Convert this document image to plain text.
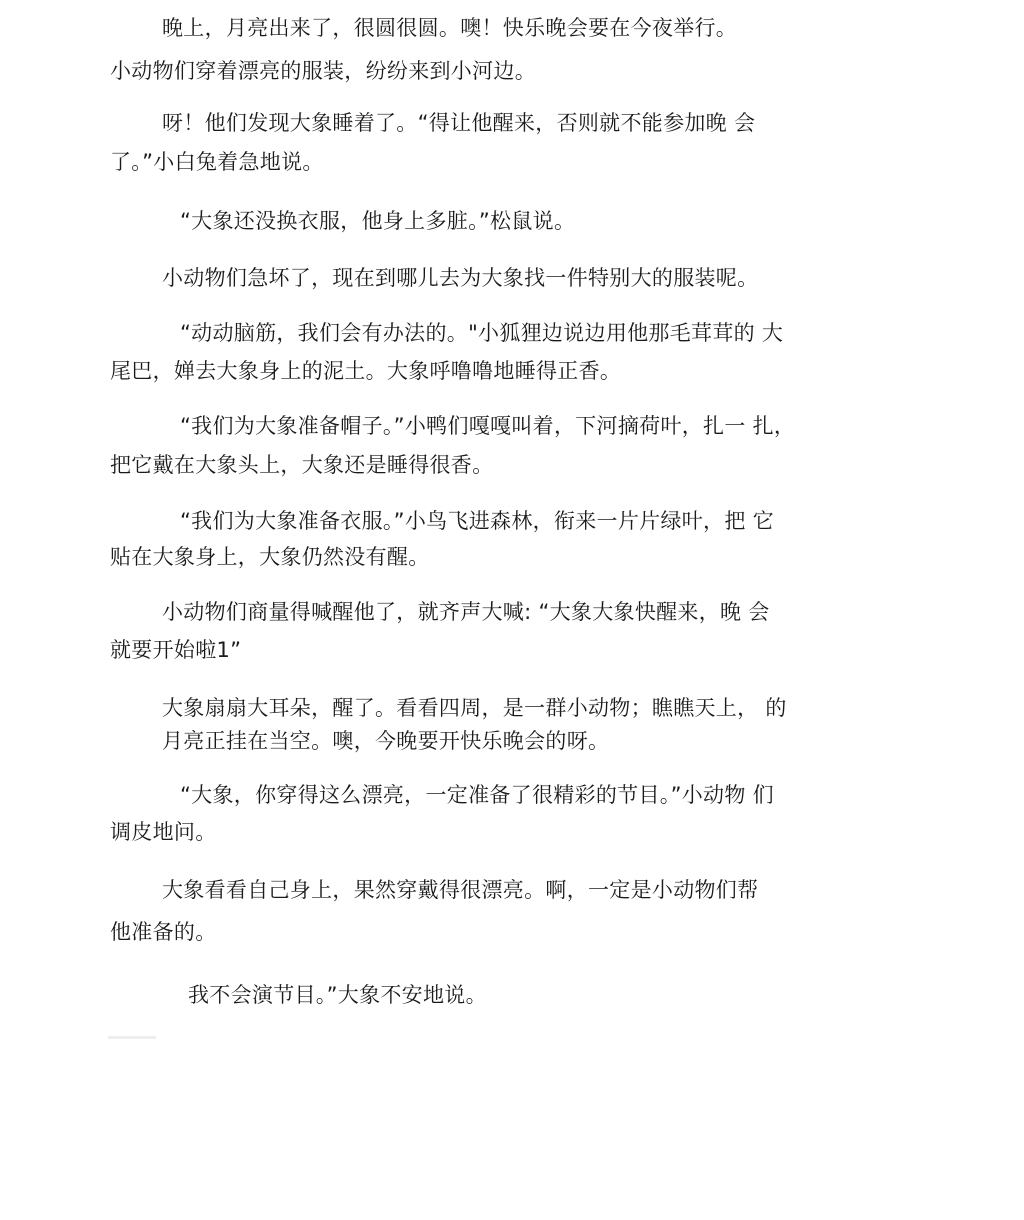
晚上，月亮出来了，很圆很圆。噢！快乐晚会要在今夜举行。
小动物们穿着漂亮的服装，纷纷来到小河边。
呀！他们发现大象睡着了。“得让他醒来，否则就不能参加晚 会
了。”小白兔着急地说。
“大象还没换衣服，他身上多脏。”松鼠说。
小动物们急坏了，现在到哪儿去为大象找一件特别大的服装呢。
“动动脑筋，我们会有办法的。"小狐狸边说边用他那毛茸茸的 大
尾巴，婵去大象身上的泥土。大象呼噜噜地睡得正香。
“我们为大象准备帽子。”小鸭们嘎嘎叫着，下河摘荷叶，扎一 扎，
把它戴在大象头上，大象还是睡得很香。
“我们为大象准备衣服。”小鸟飞进森林，衔来一片片绿叶，把 它
贴在大象身上，大象仍然没有醒。
小动物们商量得喊醒他了，就齐声大喊: “大象大象快醒来，晚 会
就要开始啦1”
大象扇扇大耳朵，醒了。看看四周，是一群小动物；瞧瞧天上， 的
月亮正挂在当空。噢，今晚要开快乐晚会的呀。
“大象，你穿得这么漂亮，一定准备了很精彩的节目。”小动物 们
调皮地问。
大象看看自己身上，果然穿戴得很漂亮。啊，一定是小动物们帮
他准备的。
我不会演节目。”大象不安地说。
